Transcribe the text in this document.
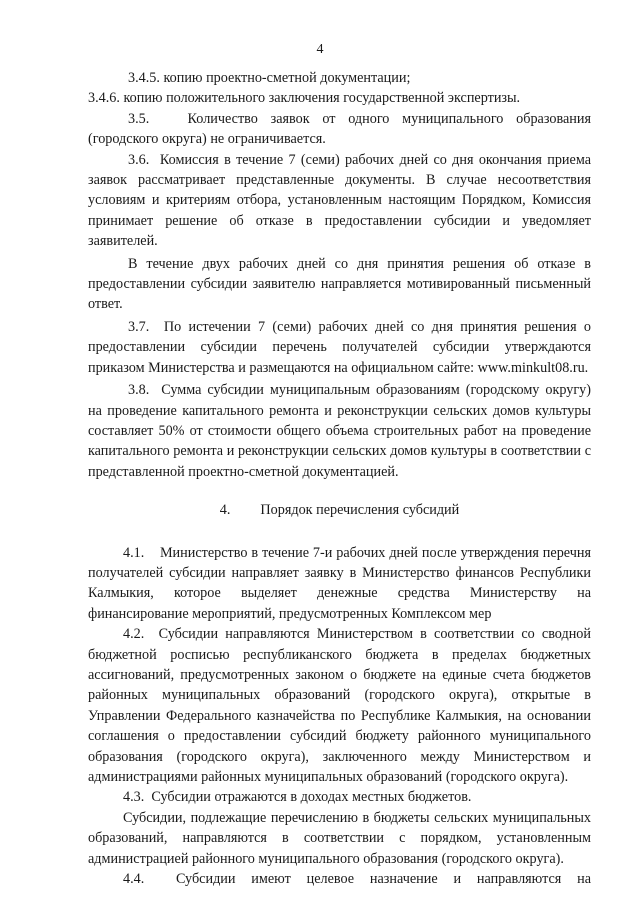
4

3.4.5. копию проектно-сметной документации;

3.4.6. копию положительного заключения государственной экспертизы.

3.5.   Количество заявок от одного муниципального образования (городского округа) не ограничивается.

3.6.  Комиссия в течение 7 (семи) рабочих дней со дня окончания приема заявок рассматривает представленные документы. В случае несоответствия условиям и критериям отбора, установленным настоящим Порядком, Комиссия принимает решение об отказе в предоставлении субсидии и уведомляет заявителей.

В течение двух рабочих дней со дня принятия решения об отказе в предоставлении субсидии заявителю направляется мотивированный письменный ответ.

3.7.  По истечении 7 (семи) рабочих дней со дня принятия решения о предоставлении субсидии перечень получателей субсидии утверждаются приказом Министерства и размещаются на официальном сайте: www.minkult08.ru.

3.8.  Сумма субсидии муниципальным образованиям (городскому округу) на проведение капитального ремонта и реконструкции сельских домов культуры составляет 50% от стоимости общего объема строительных работ на проведение капитального ремонта и реконструкции сельских домов культуры в соответствии с представленной проектно-сметной документацией.

4. Порядок перечисления субсидий

4.1.    Министерство в течение 7-и рабочих дней после утверждения перечня получателей субсидии направляет заявку в Министерство финансов Республики Калмыкия, которое выделяет денежные средства Министерству на финансирование мероприятий, предусмотренных Комплексом мер

4.2.  Субсидии направляются Министерством в соответствии со сводной бюджетной росписью республиканского бюджета в пределах бюджетных ассигнований, предусмотренных законом о бюджете на единые счета бюджетов районных муниципальных образований (городского округа), открытые в Управлении Федерального казначейства по Республике Калмыкия, на основании соглашения о предоставлении субсидий бюджету районного муниципального образования (городского округа), заключенного между Министерством и администрациями районных муниципальных образований (городского округа).

4.3.  Субсидии отражаются в доходах местных бюджетов.

Субсидии, подлежащие перечислению в бюджеты сельских муниципальных образований, направляются в соответствии с порядком, установленным администрацией районного муниципального образования (городского округа).

4.4.  Субсидии имеют целевое назначение и направляются на
